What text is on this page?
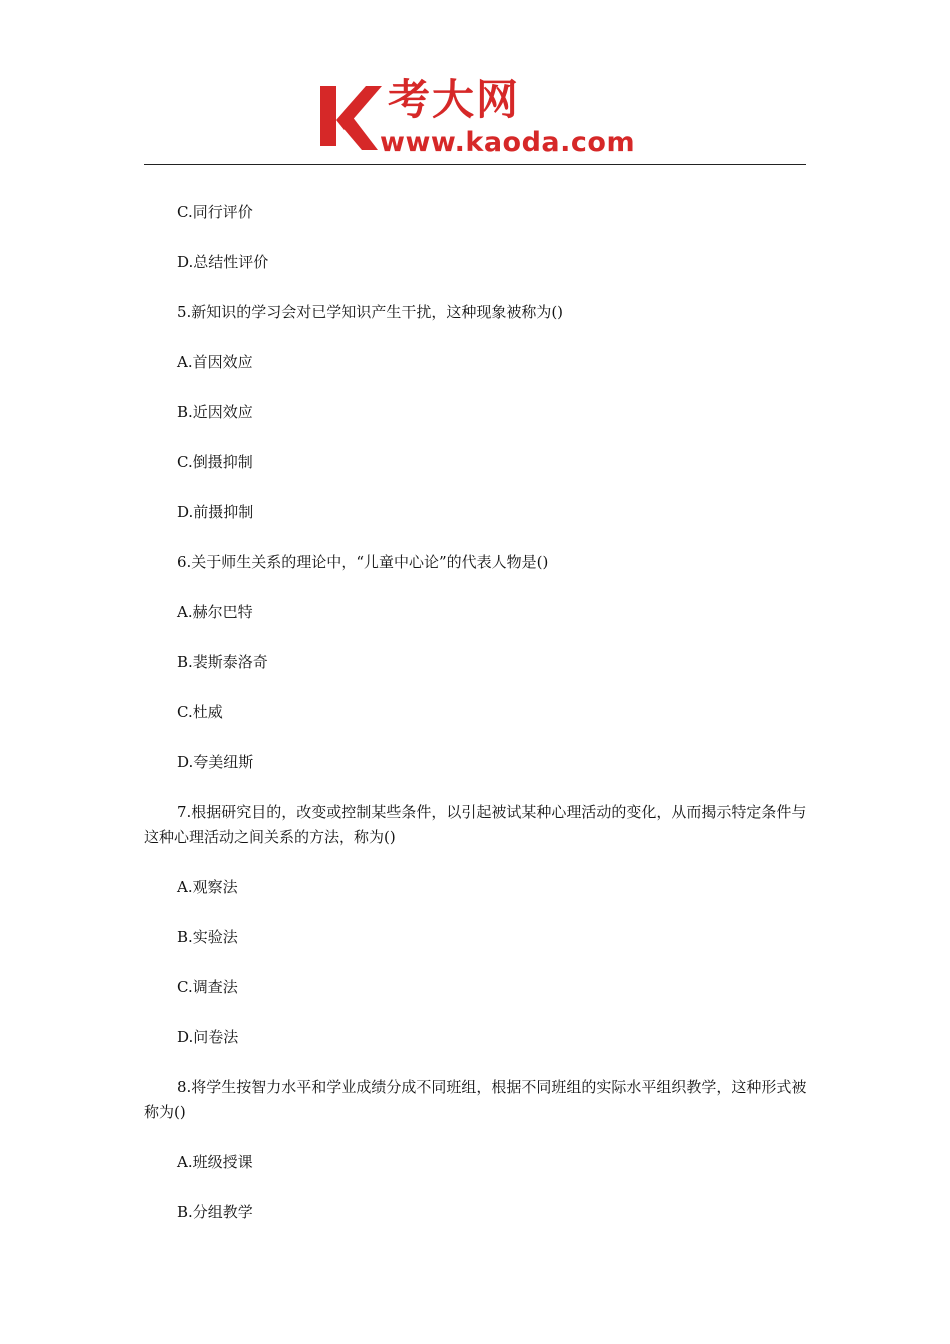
考大网
www.kaoda.com

C.同行评价

D.总结性评价

5.新知识的学习会对已学知识产生干扰，这种现象被称为()

A.首因效应

B.近因效应

C.倒摄抑制

D.前摄抑制

6.关于师生关系的理论中，“儿童中心论”的代表人物是()

A.赫尔巴特

B.裴斯泰洛奇

C.杜威

D.夸美纽斯

7.根据研究目的，改变或控制某些条件，以引起被试某种心理活动的变化，从而揭示特定条件与这种心理活动之间关系的方法，称为()

A.观察法

B.实验法

C.调查法

D.问卷法

8.将学生按智力水平和学业成绩分成不同班组，根据不同班组的实际水平组织教学，这种形式被称为()

A.班级授课

B.分组教学
